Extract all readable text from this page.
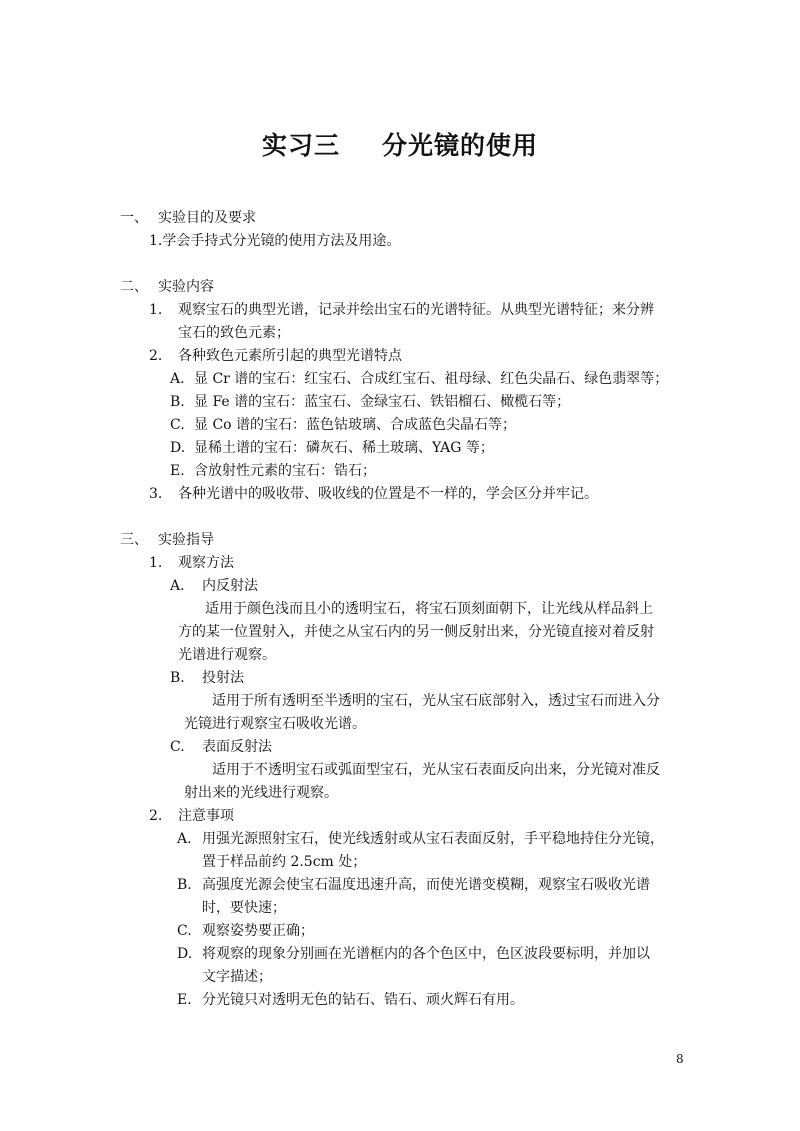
实习三 分光镜的使用
一、 实验目的及要求
1.学会手持式分光镜的使用方法及用途。
二、 实验内容
1. 观察宝石的典型光谱，记录并绘出宝石的光谱特征。从典型光谱特征；来分辨
宝石的致色元素；
2. 各种致色元素所引起的典型光谱特点
A. 显 Cr 谱的宝石：红宝石、合成红宝石、祖母绿、红色尖晶石、绿色翡翠等；
B. 显 Fe 谱的宝石：蓝宝石、金绿宝石、铁铝榴石、橄榄石等；
C. 显 Co 谱的宝石：蓝色钴玻璃、合成蓝色尖晶石等；
D. 显稀土谱的宝石：磷灰石、稀土玻璃、YAG 等；
E. 含放射性元素的宝石：锆石；
3. 各种光谱中的吸收带、吸收线的位置是不一样的，学会区分并牢记。
三、 实验指导
1. 观察方法
A. 内反射法
适用于颜色浅而且小的透明宝石，将宝石顶刻面朝下，让光线从样品斜上
方的某一位置射入，并使之从宝石内的另一侧反射出来，分光镜直接对着反射
光谱进行观察。
B. 投射法
适用于所有透明至半透明的宝石，光从宝石底部射入，透过宝石而进入分
光镜进行观察宝石吸收光谱。
C. 表面反射法
适用于不透明宝石或弧面型宝石，光从宝石表面反向出来，分光镜对准反
射出来的光线进行观察。
2. 注意事项
A. 用强光源照射宝石，使光线透射或从宝石表面反射，手平稳地持住分光镜，
置于样品前约 2.5cm 处；
B. 高强度光源会使宝石温度迅速升高，而使光谱变模糊，观察宝石吸收光谱
时，要快速；
C. 观察姿势要正确；
D. 将观察的现象分别画在光谱框内的各个色区中，色区波段要标明，并加以
文字描述；
E. 分光镜只对透明无色的钻石、锆石、顽火辉石有用。
8
